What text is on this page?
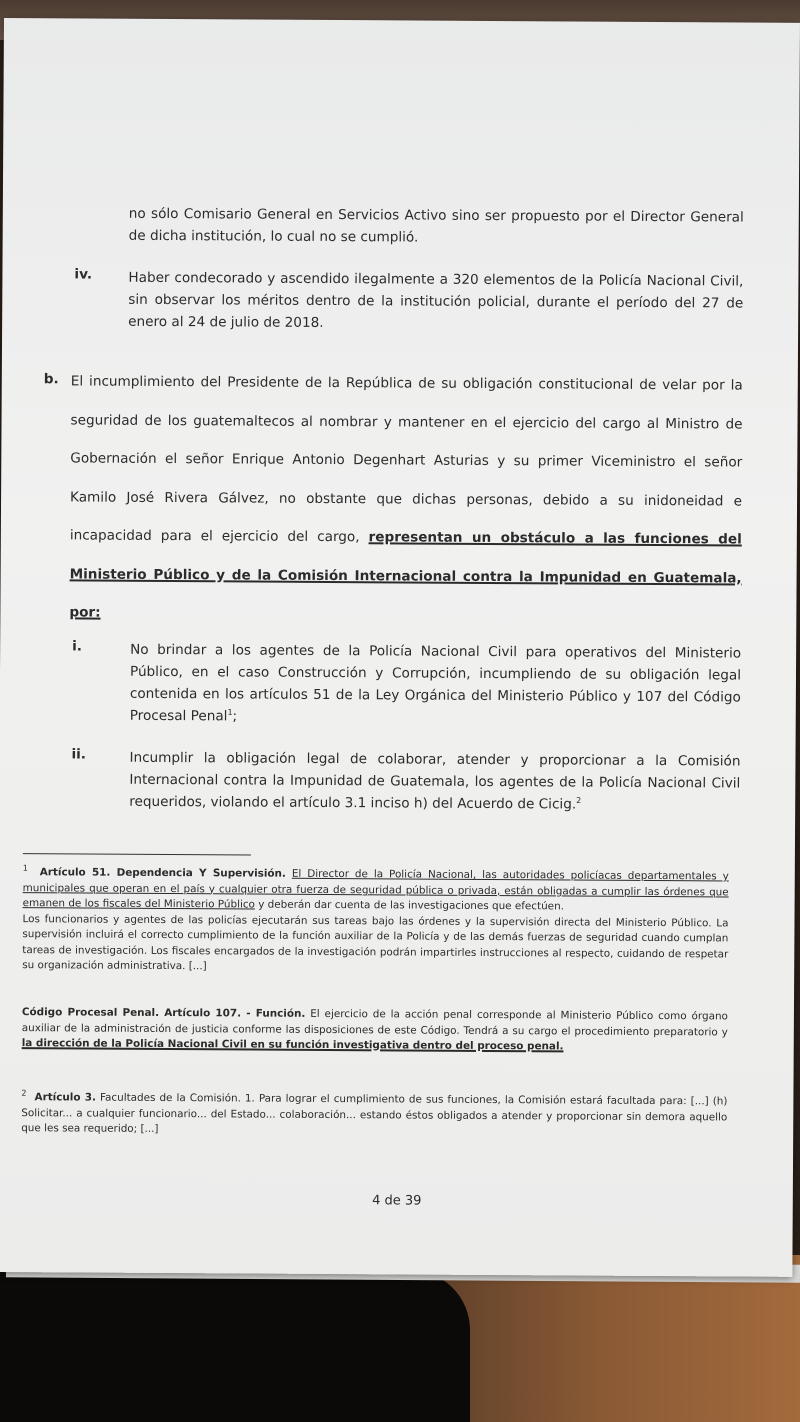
no sólo Comisario General en Servicios Activo sino ser propuesto por el Director General de dicha institución, lo cual no se cumplió.
iv.	Haber condecorado y ascendido ilegalmente a 320 elementos de la Policía Nacional Civil, sin observar los méritos dentro de la institución policial, durante el período del 27 de enero al 24 de julio de 2018.
b. El incumplimiento del Presidente de la República de su obligación constitucional de velar por la seguridad de los guatemaltecos al nombrar y mantener en el ejercicio del cargo al Ministro de Gobernación el señor Enrique Antonio Degenhart Asturias y su primer Viceministro el señor Kamilo José Rivera Gálvez, no obstante que dichas personas, debido a su inidoneidad e incapacidad para el ejercicio del cargo, representan un obstáculo a las funciones del Ministerio Público y de la Comisión Internacional contra la Impunidad en Guatemala, por:
i.	No brindar a los agentes de la Policía Nacional Civil para operativos del Ministerio Público, en el caso Construcción y Corrupción, incumpliendo de su obligación legal contenida en los artículos 51 de la Ley Orgánica del Ministerio Público y 107 del Código Procesal Penal$^1$;
ii.	Incumplir la obligación legal de colaborar, atender y proporcionar a la Comisión Internacional contra la Impunidad de Guatemala, los agentes de la Policía Nacional Civil requeridos, violando el artículo 3.1 inciso h) del Acuerdo de Cicig.$^2$
$^1$ Artículo 51. Dependencia Y Supervisión. El Director de la Policía Nacional, las autoridades policíacas departamentales y municipales que operan en el país y cualquier otra fuerza de seguridad pública o privada, están obligadas a cumplir las órdenes que emanen de los fiscales del Ministerio Público y deberán dar cuenta de las investigaciones que efectúen.
Los funcionarios y agentes de las policías ejecutarán sus tareas bajo las órdenes y la supervisión directa del Ministerio Público. La supervisión incluirá el correcto cumplimiento de la función auxiliar de la Policía y de las demás fuerzas de seguridad cuando cumplan tareas de investigación. Los fiscales encargados de la investigación podrán impartirles instrucciones al respecto, cuidando de respetar su organización administrativa. [...]
Código Procesal Penal. Artículo 107. - Función. El ejercicio de la acción penal corresponde al Ministerio Público como órgano auxiliar de la administración de justicia conforme las disposiciones de este Código. Tendrá a su cargo el procedimiento preparatorio y la dirección de la Policía Nacional Civil en su función investigativa dentro del proceso penal.
$^2$ Artículo 3. Facultades de la Comisión. 1. Para lograr el cumplimiento de sus funciones, la Comisión estará facultada para: [...] (h) Solicitar... a cualquier funcionario... del Estado... colaboración... estando éstos obligados a atender y proporcionar sin demora aquello que les sea requerido; [...]
4 de 39
